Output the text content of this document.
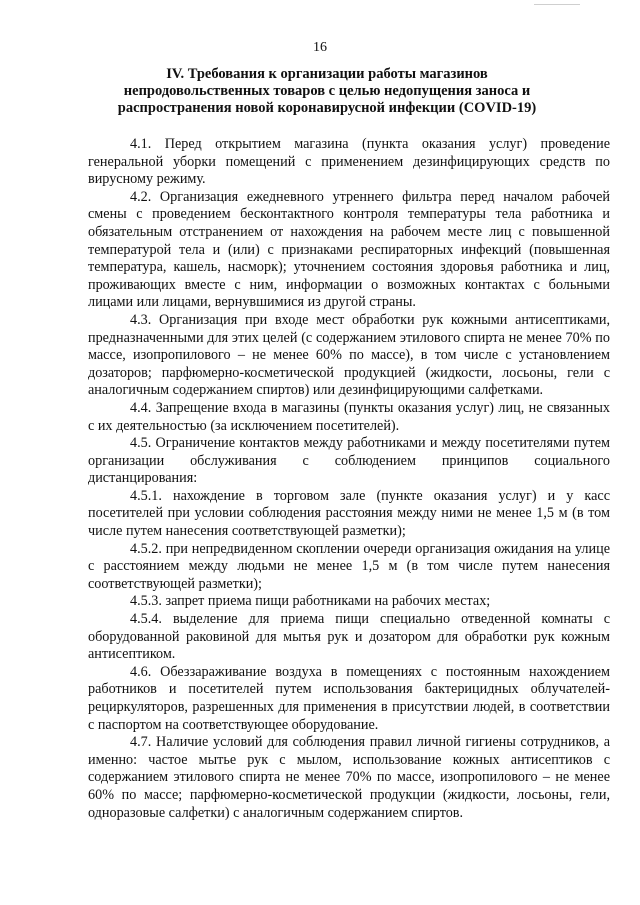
16
IV. Требования к организации работы магазинов непродовольственных товаров с целью недопущения заноса и распространения новой коронавирусной инфекции (COVID-19)

4.1. Перед открытием магазина (пункта оказания услуг) проведение генеральной уборки помещений с применением дезинфицирующих средств по вирусному режиму.

4.2. Организация ежедневного утреннего фильтра перед началом рабочей смены с проведением бесконтактного контроля температуры тела работника и обязательным отстранением от нахождения на рабочем месте лиц с повышенной температурой тела и (или) с признаками респираторных инфекций (повышенная температура, кашель, насморк); уточнением состояния здоровья работника и лиц, проживающих вместе с ним, информации о возможных контактах с больными лицами или лицами, вернувшимися из другой страны.

4.3. Организация при входе мест обработки рук кожными антисептиками, предназначенными для этих целей (с содержанием этилового спирта не менее 70% по массе, изопропилового – не менее 60% по массе), в том числе с установлением дозаторов; парфюмерно-косметической продукцией (жидкости, лосьоны, гели с аналогичным содержанием спиртов) или дезинфицирующими салфетками.

4.4. Запрещение входа в магазины (пункты оказания услуг) лиц, не связанных с их деятельностью (за исключением посетителей).

4.5. Ограничение контактов между работниками и между посетителями путем организации обслуживания с соблюдением принципов социального дистанцирования:

4.5.1. нахождение в торговом зале (пункте оказания услуг) и у касс посетителей при условии соблюдения расстояния между ними не менее 1,5 м (в том числе путем нанесения соответствующей разметки);

4.5.2. при непредвиденном скоплении очереди организация ожидания на улице с расстоянием между людьми не менее 1,5 м (в том числе путем нанесения соответствующей разметки);

4.5.3. запрет приема пищи работниками на рабочих местах;

4.5.4. выделение для приема пищи специально отведенной комнаты с оборудованной раковиной для мытья рук и дозатором для обработки рук кожным антисептиком.

4.6. Обеззараживание воздуха в помещениях с постоянным нахождением работников и посетителей путем использования бактерицидных облучателей-рециркуляторов, разрешенных для применения в присутствии людей, в соответствии с паспортом на соответствующее оборудование.

4.7. Наличие условий для соблюдения правил личной гигиены сотрудников, а именно: частое мытье рук с мылом, использование кожных антисептиков с содержанием этилового спирта не менее 70% по массе, изопропилового – не менее 60% по массе; парфюмерно-косметической продукции (жидкости, лосьоны, гели, одноразовые салфетки) с аналогичным содержанием спиртов.
